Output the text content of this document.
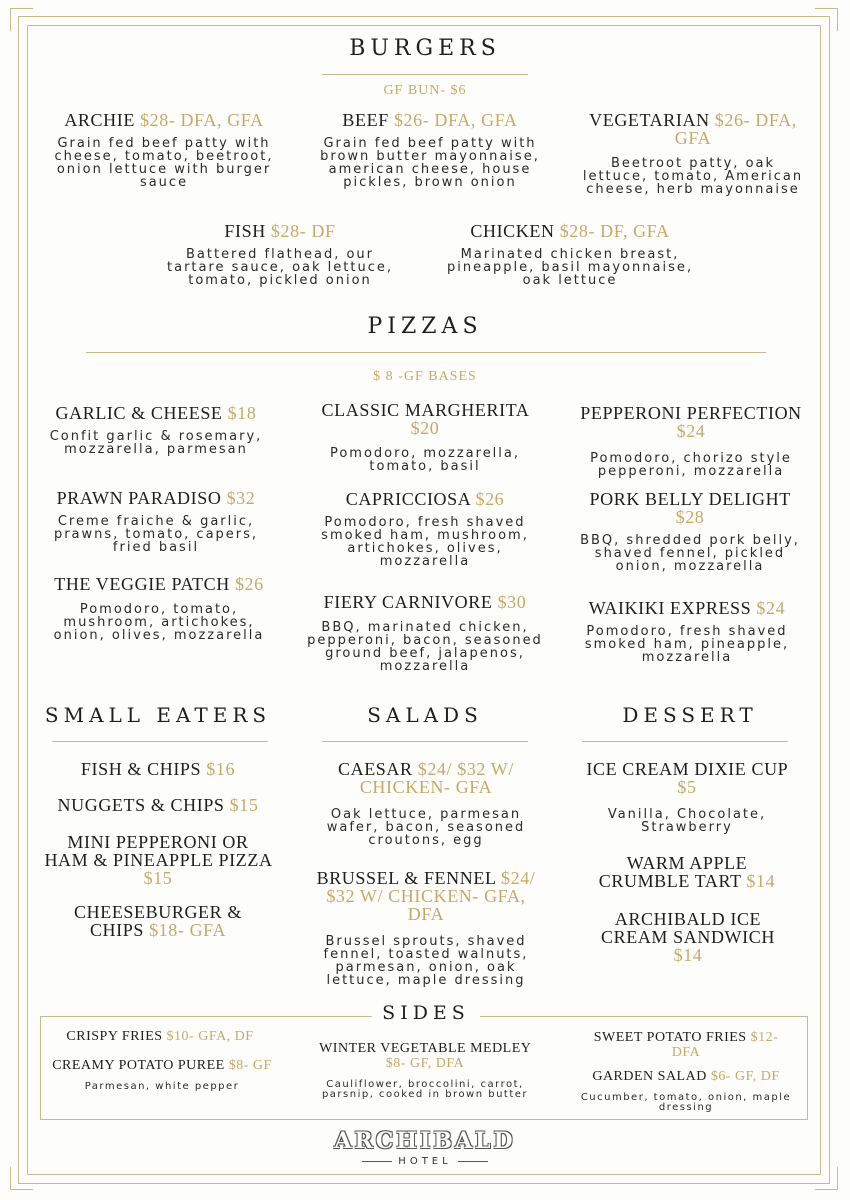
BURGERS
GF BUN- $6
ARCHIE $28- DFA, GFA
Grain fed beef patty with cheese, tomato, beetroot, onion lettuce with burger sauce
BEEF $26- DFA, GFA
Grain fed beef patty with brown butter mayonnaise, american cheese, house pickles, brown onion
VEGETARIAN $26- DFA, GFA
Beetroot patty, oak lettuce, tomato, American cheese, herb mayonnaise
FISH $28- DF
Battered flathead, our tartare sauce, oak lettuce, tomato, pickled onion
CHICKEN $28- DF, GFA
Marinated chicken breast, pineapple, basil mayonnaise, oak lettuce
PIZZAS
$ 8 -GF BASES
GARLIC & CHEESE $18
Confit garlic & rosemary, mozzarella, parmesan
CLASSIC MARGHERITA $20
Pomodoro, mozzarella, tomato, basil
PEPPERONI PERFECTION $24
Pomodoro, chorizo style pepperoni, mozzarella
PRAWN PARADISO $32
Creme fraiche & garlic, prawns, tomato, capers, fried basil
CAPRICCIOSA $26
Pomodoro, fresh shaved smoked ham, mushroom, artichokes, olives, mozzarella
PORK BELLY DELIGHT $28
BBQ, shredded pork belly, shaved fennel, pickled onion, mozzarella
THE VEGGIE PATCH $26
Pomodoro, tomato, mushroom, artichokes, onion, olives, mozzarella
FIERY CARNIVORE $30
BBQ, marinated chicken, pepperoni, bacon, seasoned ground beef, jalapenos, mozzarella
WAIKIKI EXPRESS $24
Pomodoro, fresh shaved smoked ham, pineapple, mozzarella
SMALL EATERS	SALADS	DESSERT
FISH & CHIPS $16
NUGGETS & CHIPS $15
MINI PEPPERONI OR HAM & PINEAPPLE PIZZA $15
CHEESEBURGER & CHIPS $18- GFA
CAESAR $24/ $32 W/ CHICKEN- GFA
Oak lettuce, parmesan wafer, bacon, seasoned croutons, egg
BRUSSEL & FENNEL $24/ $32 W/ CHICKEN- GFA, DFA
Brussel sprouts, shaved fennel, toasted walnuts, parmesan, onion, oak lettuce, maple dressing
ICE CREAM DIXIE CUP $5
Vanilla, Chocolate, Strawberry
WARM APPLE CRUMBLE TART $14
ARCHIBALD ICE CREAM SANDWICH $14
SIDES
CRISPY FRIES $10- GFA, DF
CREAMY POTATO PUREE $8- GF
Parmesan, white pepper
WINTER VEGETABLE MEDLEY $8- GF, DFA
Cauliflower, broccolini, carrot, parsnip, cooked in brown butter
SWEET POTATO FRIES $12- DFA
GARDEN SALAD $6- GF, DF
Cucumber, tomato, onion, maple dressing
ARCHIBALD
HOTEL
